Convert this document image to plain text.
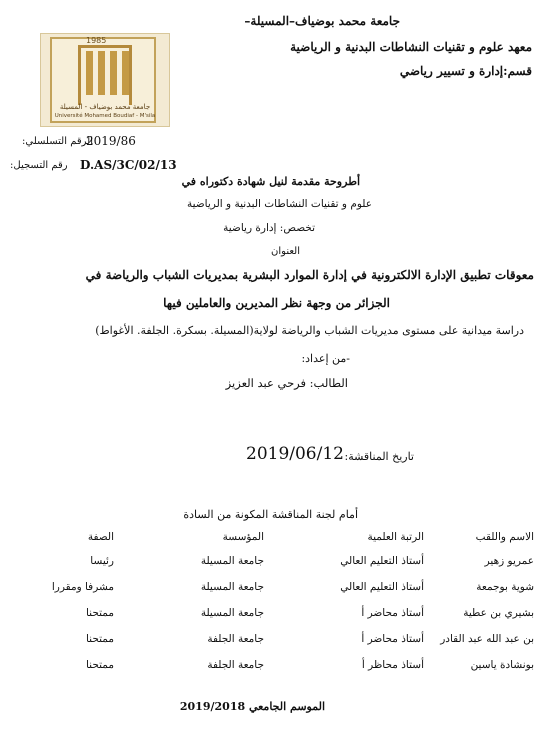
جامعة محمد بوضياف–المسيلة–
معهد علوم و تقنيات النشاطات البدنية و الرياضية
قسم:إدارة و تسيير رياضي
1985
جامعة محمد بوضياف - المسيلة
Université Mohamed Boudiaf - M'sila
2019/86
الرقم التسلسلي:
D.AS/3C/02/13
رقم التسجيل:
أطروحة مقدمة لنيل شهادة دكتوراه في
علوم و تقنيات النشاطات البدنية و الرياضية
تخصص: إدارة رياضية
العنوان
معوقات تطبيق الإدارة الالكترونية في إدارة الموارد البشرية بمديريات الشباب والرياضة في
الجزائر من وجهة نظر المديرين والعاملين فيها
دراسة ميدانية على مستوى مديريات الشباب والرياضة لولاية(المسيلة. بسكرة. الجلفة. الأغواط)
-من إعداد:
الطالب: فرحي عبد العزيز
2019/06/12 تاريخ المناقشة:
أمام لجنة المناقشة المكونة من السادة
الاسم واللقب	الرتبة العلمية	المؤسسة	الصفة
عمريو زهير	أستاذ التعليم العالي	جامعة المسيلة	رئيسا
شوية بوجمعة	أستاذ التعليم العالي	جامعة المسيلة	مشرفا ومقررا
بشيري بن عطية	أستاذ محاضر أ	جامعة المسيلة	ممتحنا
بن عبد الله عبد القادر	أستاذ محاضر أ	جامعة الجلفة	ممتحنا
بونشادة ياسين	أستاذ محاظر أ	جامعة الجلفة	ممتحنا
الموسم الجامعي 2019/2018
